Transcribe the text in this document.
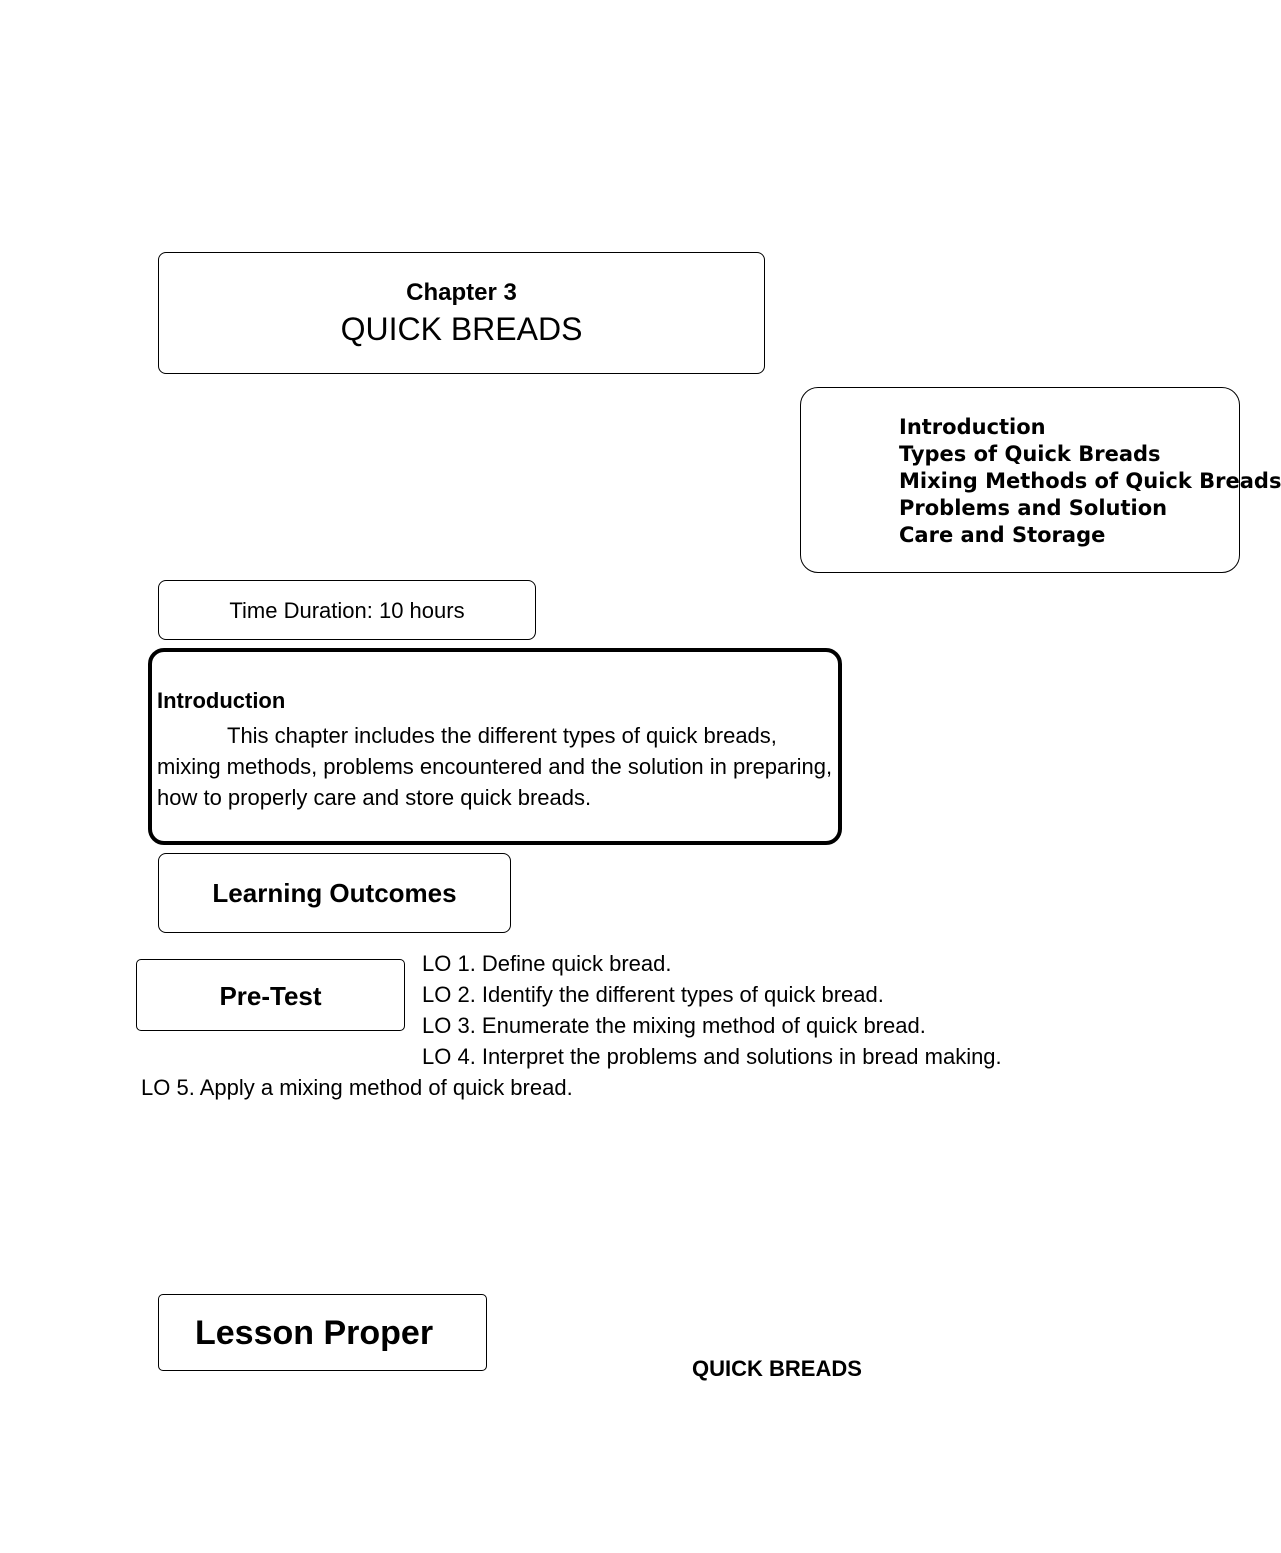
Chapter 3
QUICK BREADS
Introduction
Types of Quick Breads
Mixing Methods of Quick Breads
Problems and Solution
Care and Storage
Time Duration: 10 hours
Introduction
This chapter includes the different types of quick breads, mixing methods, problems encountered and the solution in preparing, how to properly care and store quick breads.
Learning Outcomes
Pre-Test
LO 1. Define quick bread.
LO 2. Identify the different types of quick bread.
LO 3. Enumerate the mixing method of quick bread.
LO 4. Interpret the problems and solutions in bread making.
LO 5. Apply a mixing method of quick bread.
Lesson Proper
QUICK BREADS
